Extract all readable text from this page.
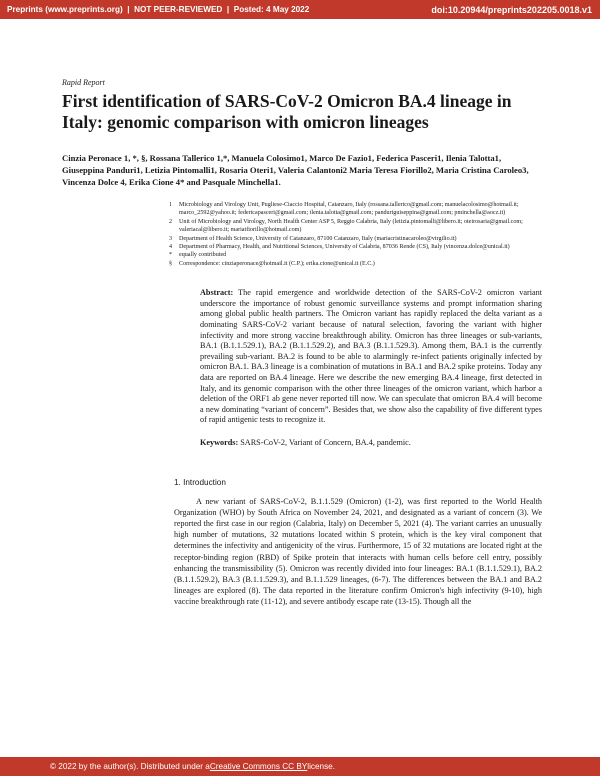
Preprints (www.preprints.org)  |  NOT PEER-REVIEWED  |  Posted: 4 May 2022	doi:10.20944/preprints202205.0018.v1
Rapid Report
First identification of SARS-CoV-2 Omicron BA.4 lineage in Italy: genomic comparison with omicron lineages
Cinzia Peronace 1, *, §, Rossana Tallerico 1,*, Manuela Colosimo1, Marco De Fazio1, Federica Pasceri1, Ilenia Talotta1, Giuseppina Panduri1, Letizia Pintomalli1, Rosaria Oteri1, Valeria Calantoni2 Maria Teresa Fiorillo2, Maria Cristina Caroleo3, Vincenza Dolce 4, Erika Cione 4* and Pasquale Minchella1.
1	Microbiology and Virology Unit, Pugliese-Ciaccio Hospital, Catanzaro, Italy (rossana.tallerico@gmail.com; manuelacolosimo@hotmail.it; marco_2592@yahoo.it; federicapasceri@gmail.com; ilenia.talotta@gmail.com; panduriguiseppina@gmail.com; pminchella@aocz.it)
2	Unit of Microbiology and Virology, North Health Center ASP 5, Reggio Calabria, Italy (letizia.pintomalli@libero.it; oteirosaria@gmail.com; valeriacal@libero.it; mariatfiorillo@hotmail.com)
3	Department of Health Science, University of Catanzaro, 87100 Catanzaro, Italy (mariacristinacaroleo@virgilio.it)
4	Department of Pharmacy, Health, and Nutritional Sciences, University of Calabria, 87036 Rende (CS), Italy (vincenza.dolce@unical.it)
*	equally contributed
§	Correspondence: cinziaperonace@hotmail.it (C.P.); erika.cione@unical.it (E.C.)
Abstract: The rapid emergence and worldwide detection of the SARS-CoV-2 omicron variant underscore the importance of robust genomic surveillance systems and prompt information sharing among global public health partners. The Omicron variant has rapidly replaced the delta variant as a dominating SARS-CoV-2 variant because of natural selection, favoring the variant with higher infectivity and more strong vaccine breakthrough ability. Omicron has three lineages or sub-variants, BA.1 (B.1.1.529.1), BA.2 (B.1.1.529.2), and BA.3 (B.1.1.529.3). Among them, BA.1 is the currently prevailing sub-variant. BA.2 is found to be able to alarmingly re-infect patients originally infected by omicron BA.1. BA.3 lineage is a combination of mutations in BA.1 and BA.2 spike proteins. Today any data are reported on BA.4 lineage. Here we describe the new emerging BA.4 lineage, first detected in Italy, and its genomic comparison with the other three lineages of the omicron variant, which harbor a deletion of the ORF1 ab gene never reported till now. We can speculate that omicron BA.4 will become a new dominating “variant of concern”. Besides that, we show also the capability of five different types of rapid antigenic tests to recognize it.
Keywords: SARS-CoV-2, Variant of Concern, BA.4, pandemic.
1. Introduction
A new variant of SARS-CoV-2, B.1.1.529 (Omicron) (1-2), was first reported to the World Health Organization (WHO) by South Africa on November 24, 2021, and designated as a variant of concern (3). We reported the first case in our region (Calabria, Italy) on December 5, 2021 (4). The variant carries an unusually high number of mutations, 32 mutations located within S protein, which is the key viral component that determines the infectivity and antigenicity of the virus. Furthermore, 15 of 32 mutations are located right at the receptor-binding region (RBD) of Spike protein that interacts with human cells before cell entry, possibly enhancing the transmissibility (5). Omicron was recently divided into four lineages: BA.1 (B.1.1.529.1), BA.2 (B.1.1.529.2), BA.3 (B.1.1.529.3), and B.1.1.529 lineages, (6-7). The differences between the BA.1 and BA.2 lineages are explored (8). The data reported in the literature confirm Omicron's high infectivity (9-10), high vaccine breakthrough rate (11-12), and severe antibody escape rate (13-15). Though all the
© 2022 by the author(s). Distributed under a Creative Commons CC BY license.
